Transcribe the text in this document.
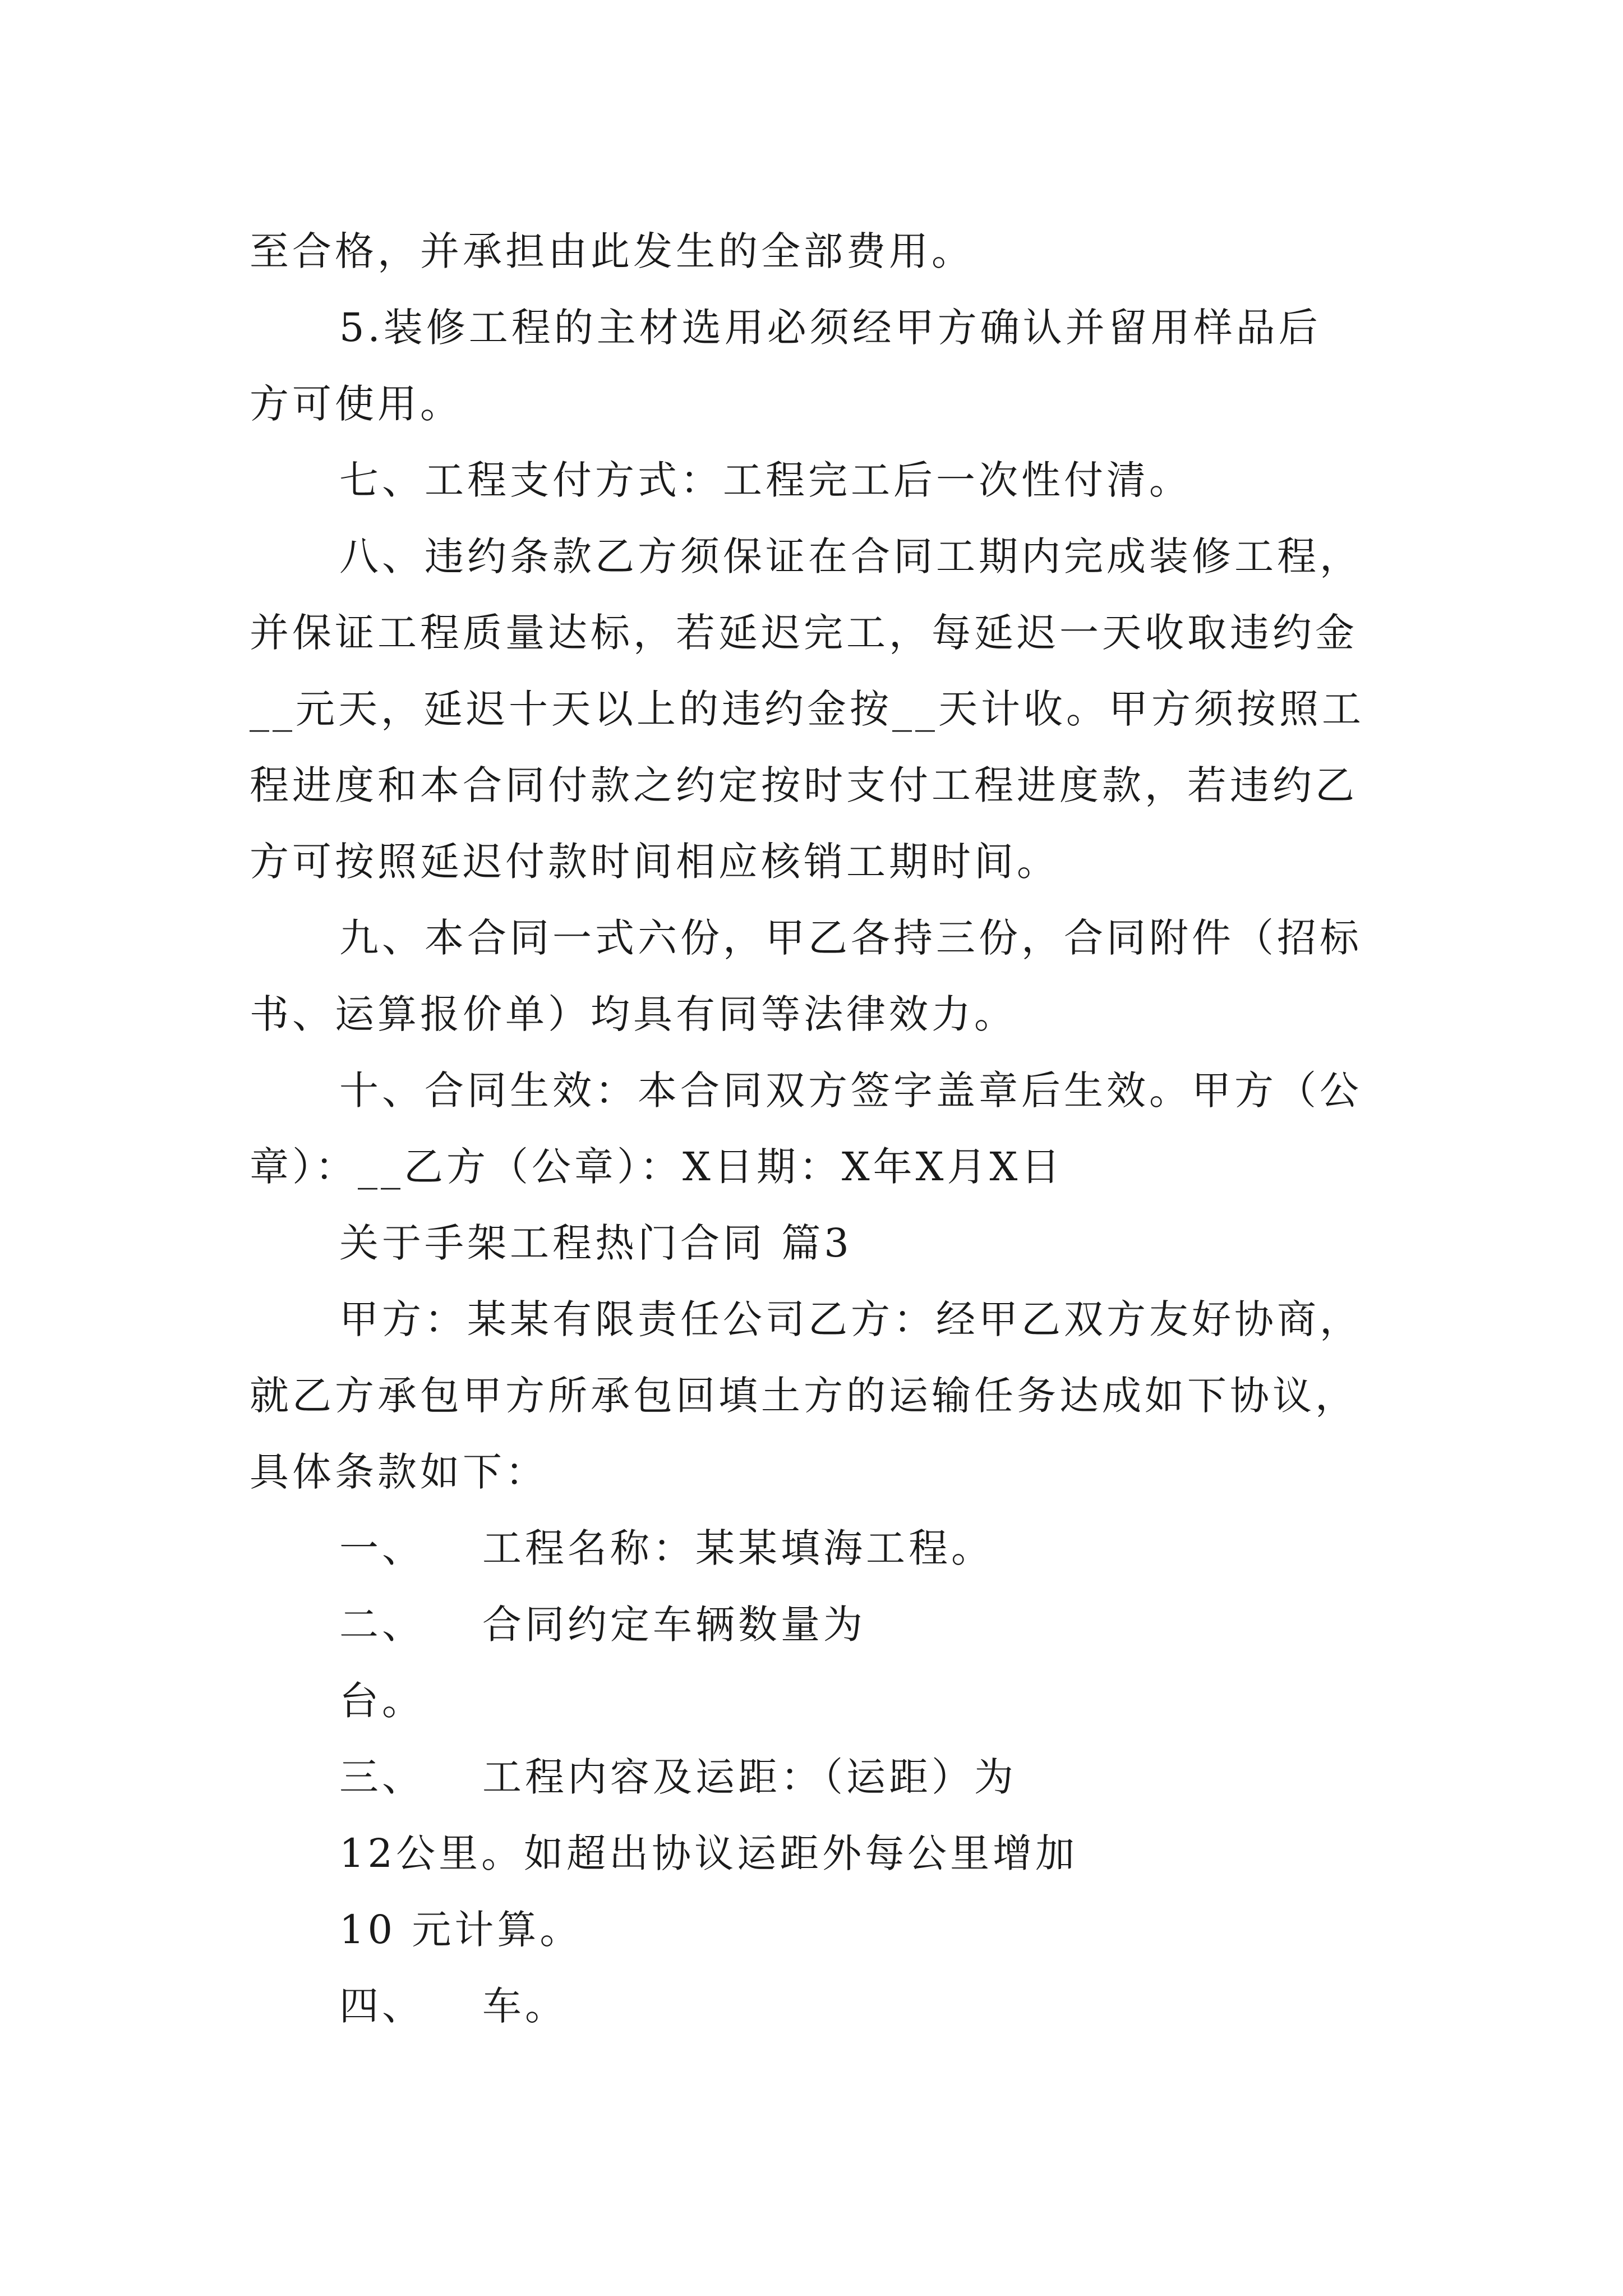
至合格，并承担由此发生的全部费用。
5.装修工程的主材选用必须经甲方确认并留用样品后
方可使用。
七、工程支付方式：工程完工后一次性付清。
八、违约条款乙方须保证在合同工期内完成装修工程，
并保证工程质量达标，若延迟完工，每延迟一天收取违约金
__元天，延迟十天以上的违约金按__天计收。甲方须按照工
程进度和本合同付款之约定按时支付工程进度款，若违约乙
方可按照延迟付款时间相应核销工期时间。
九、本合同一式六份，甲乙各持三份，合同附件（招标
书、运算报价单）均具有同等法律效力。
十、合同生效：本合同双方签字盖章后生效。甲方（公
章）：__乙方（公章）：X日期：X年X月X日
关于手架工程热门合同 篇3
甲方：某某有限责任公司乙方：经甲乙双方友好协商，
就乙方承包甲方所承包回填土方的运输任务达成如下协议，
具体条款如下：
一、 工程名称：某某填海工程。
二、 合同约定车辆数量为
台。
三、 工程内容及运距：（运距）为
12公里。如超出协议运距外每公里增加
10 元计算。
四、 车。
